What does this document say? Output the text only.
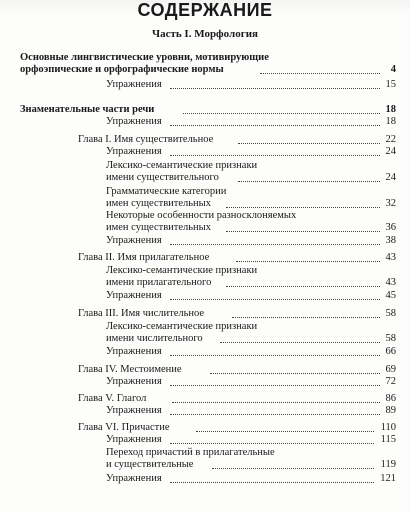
СОДЕРЖАНИЕ
Часть I. Морфология
Основные лингвистические уровни, мотивирующие
орфоэпические и орфографические нормы	4
Упражнения	15
Знаменательные части речи	18
Упражнения	18
Глава I. Имя существительное	22
Упражнения	24
Лексико-семантические признаки
имени существительного	24
Грамматические категории
имен существительных	32
Некоторые особенности разносклоняемых
имен существительных	36
Упражнения	38
Глава II. Имя прилагательное	43
Лексико-семантические признаки
имени прилагательного	43
Упражнения	45
Глава III. Имя числительное	58
Лексико-семантические признаки
имени числительного	58
Упражнения	66
Глава IV. Местоимение	69
Упражнения	72
Глава V. Глагол	86
Упражнения	89
Глава VI. Причастие	110
Упражнения	115
Переход причастий в прилагательные
и существительные	119
Упражнения	121
